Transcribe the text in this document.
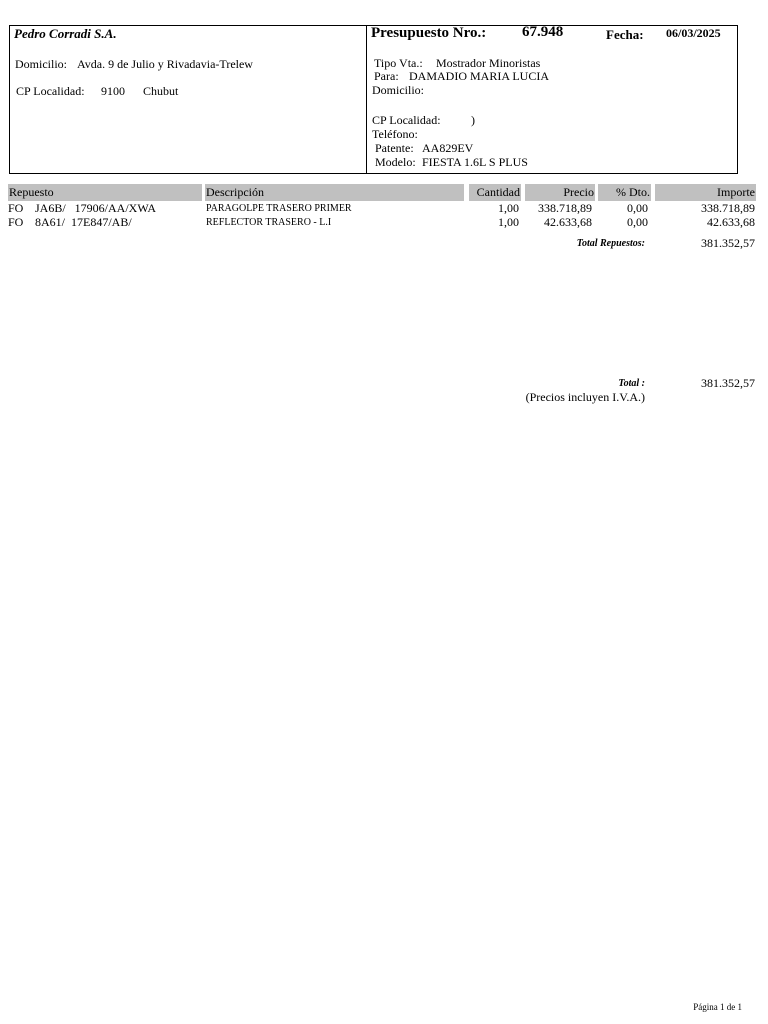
Pedro Corradi S.A.
Domicilio: Avda. 9 de Julio y Rivadavia-Trelew
CP Localidad: 9100 Chubut
Presupuesto Nro.: 67.948	Fecha: 06/03/2025
Tipo Vta.: Mostrador Minoristas
Para: DAMADIO MARIA LUCIA
Domicilio:
CP Localidad:	)
Teléfono:
Patente: AA829EV
Modelo: FIESTA 1.6L S PLUS
Repuesto	Descripción	Cantidad	Precio	% Dto.	Importe
FO JA6B/   17906/AA/XWA	PARAGOLPE TRASERO PRIMER	1,00	338.718,89	0,00	338.718,89
FO 8A61/  17E847/AB/	REFLECTOR TRASERO - L.I	1,00	42.633,68	0,00	42.633,68
Total Repuestos:	381.352,57
Total :	381.352,57
(Precios incluyen I.V.A.)
Página 1 de 1
